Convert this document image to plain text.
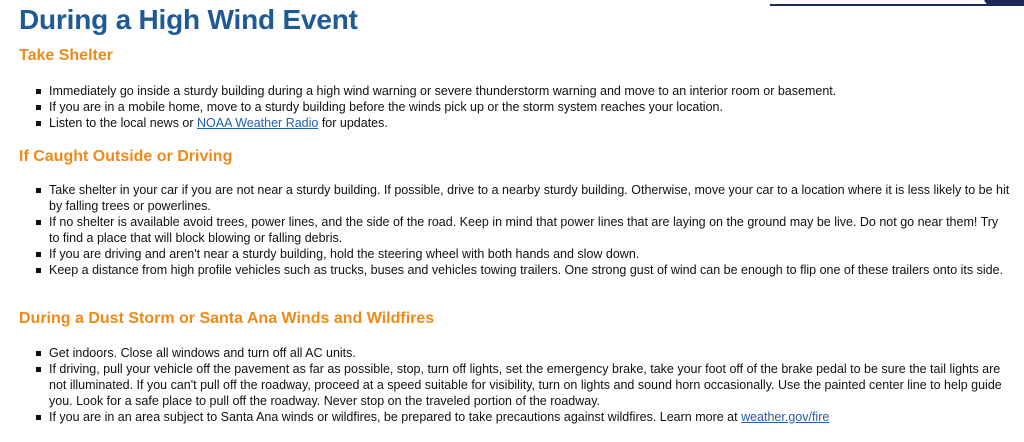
During a High Wind Event
Take Shelter
Immediately go inside a sturdy building during a high wind warning or severe thunderstorm warning and move to an interior room or basement.
If you are in a mobile home, move to a sturdy building before the winds pick up or the storm system reaches your location.
Listen to the local news or NOAA Weather Radio for updates.
If Caught Outside or Driving
Take shelter in your car if you are not near a sturdy building. If possible, drive to a nearby sturdy building. Otherwise, move your car to a location where it is less likely to be hit by falling trees or powerlines.
If no shelter is available avoid trees, power lines, and the side of the road. Keep in mind that power lines that are laying on the ground may be live. Do not go near them! Try to find a place that will block blowing or falling debris.
If you are driving and aren't near a sturdy building, hold the steering wheel with both hands and slow down.
Keep a distance from high profile vehicles such as trucks, buses and vehicles towing trailers. One strong gust of wind can be enough to flip one of these trailers onto its side.
During a Dust Storm or Santa Ana Winds and Wildfires
Get indoors. Close all windows and turn off all AC units.
If driving, pull your vehicle off the pavement as far as possible, stop, turn off lights, set the emergency brake, take your foot off of the brake pedal to be sure the tail lights are not illuminated. If you can't pull off the roadway, proceed at a speed suitable for visibility, turn on lights and sound horn occasionally. Use the painted center line to help guide you. Look for a safe place to pull off the roadway. Never stop on the traveled portion of the roadway.
If you are in an area subject to Santa Ana winds or wildfires, be prepared to take precautions against wildfires. Learn more at weather.gov/fire
